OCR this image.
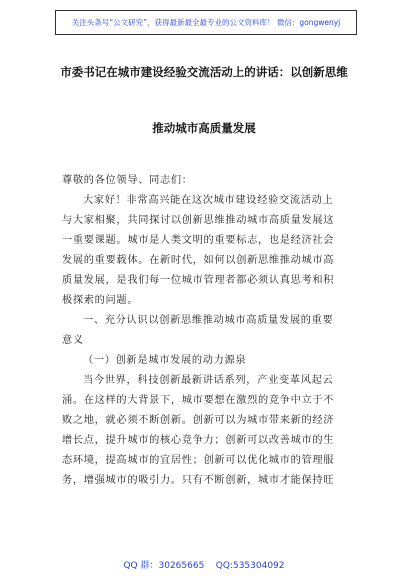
关注头条号“公文研究”，获得最新最全最专业的公文资料库！ 微信：gongwenyj
市委书记在城市建设经验交流活动上的讲话：以创新思维
推动城市高质量发展
尊敬的各位领导、同志们：
大家好！非常高兴能在这次城市建设经验交流活动上
与大家相聚，共同探讨以创新思维推动城市高质量发展这
一重要课题。城市是人类文明的重要标志，也是经济社会
发展的重要载体。在新时代，如何以创新思维推动城市高
质量发展，是我们每一位城市管理者都必须认真思考和积
极探索的问题。
一、充分认识以创新思维推动城市高质量发展的重要
意义
（一）创新是城市发展的动力源泉
当今世界，科技创新最新讲话系列，产业变革风起云
涌。在这样的大背景下，城市要想在激烈的竞争中立于不
败之地，就必须不断创新。创新可以为城市带来新的经济
增长点，提升城市的核心竞争力；创新可以改善城市的生
态环境，提高城市的宜居性；创新可以优化城市的管理服
务，增强城市的吸引力。只有不断创新，城市才能保持旺
QQ 群：30265665 QQ:535304092
